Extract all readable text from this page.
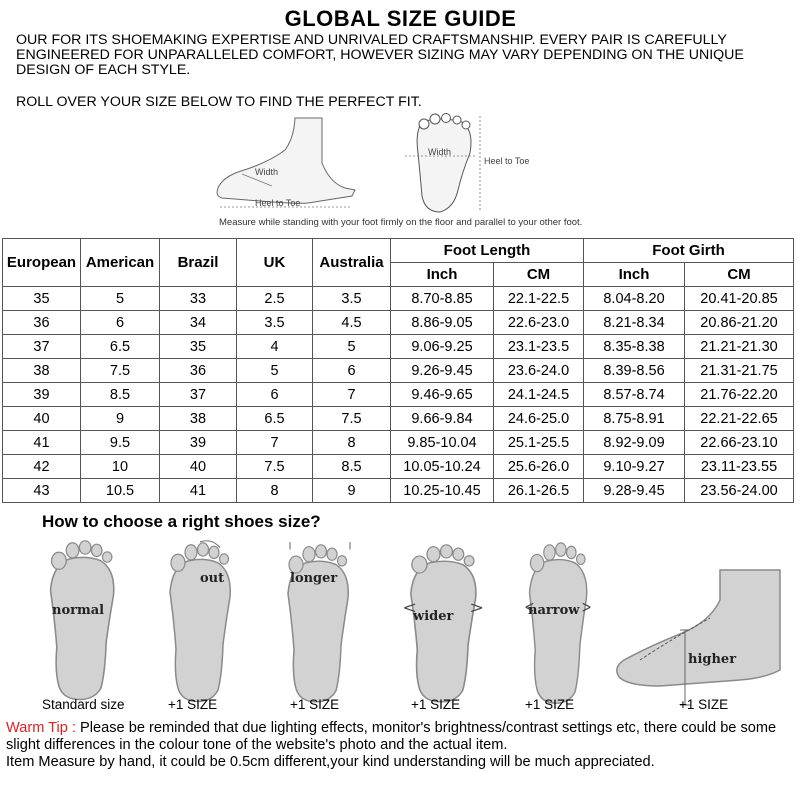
GLOBAL SIZE GUIDE
OUR FOR ITS SHOEMAKING EXPERTISE AND UNRIVALED CRAFTSMANSHIP. EVERY PAIR IS CAREFULLY ENGINEERED FOR UNPARALLELED COMFORT, HOWEVER SIZING MAY VARY DEPENDING ON THE UNIQUE DESIGN OF EACH STYLE.
ROLL OVER YOUR SIZE BELOW TO FIND THE PERFECT FIT.
Width
Heel to Toe
Width
Heel to Toe
Measure while standing with your foot firmly on the floor and parallel to your other foot.
European	American	Brazil	UK	Australia	Foot Length		Foot Girth	
					Inch	CM	Inch	CM
35	5	33	2.5	3.5	8.70-8.85	22.1-22.5	8.04-8.20	20.41-20.85
36	6	34	3.5	4.5	8.86-9.05	22.6-23.0	8.21-8.34	20.86-21.20
37	6.5	35	4	5	9.06-9.25	23.1-23.5	8.35-8.38	21.21-21.30
38	7.5	36	5	6	9.26-9.45	23.6-24.0	8.39-8.56	21.31-21.75
39	8.5	37	6	7	9.46-9.65	24.1-24.5	8.57-8.74	21.76-22.20
40	9	38	6.5	7.5	9.66-9.84	24.6-25.0	8.75-8.91	22.21-22.65
41	9.5	39	7	8	9.85-10.04	25.1-25.5	8.92-9.09	22.66-23.10
42	10	40	7.5	8.5	10.05-10.24	25.6-26.0	9.10-9.27	23.11-23.55
43	10.5	41	8	9	10.25-10.45	26.1-26.5	9.28-9.45	23.56-24.00
How to choose a right shoes size?
normal
out	longer
wider	narrow
higher
Standard size	+1 SIZE	+1 SIZE	+1 SIZE	+1 SIZE	+1 SIZE
Warm Tip : Please be reminded that due lighting effects, monitor's brightness/contrast settings etc, there could be some slight differences in the colour tone of the website's photo and the actual item.
Item Measure by hand, it could be 0.5cm different,your kind understanding will be much appreciated.
